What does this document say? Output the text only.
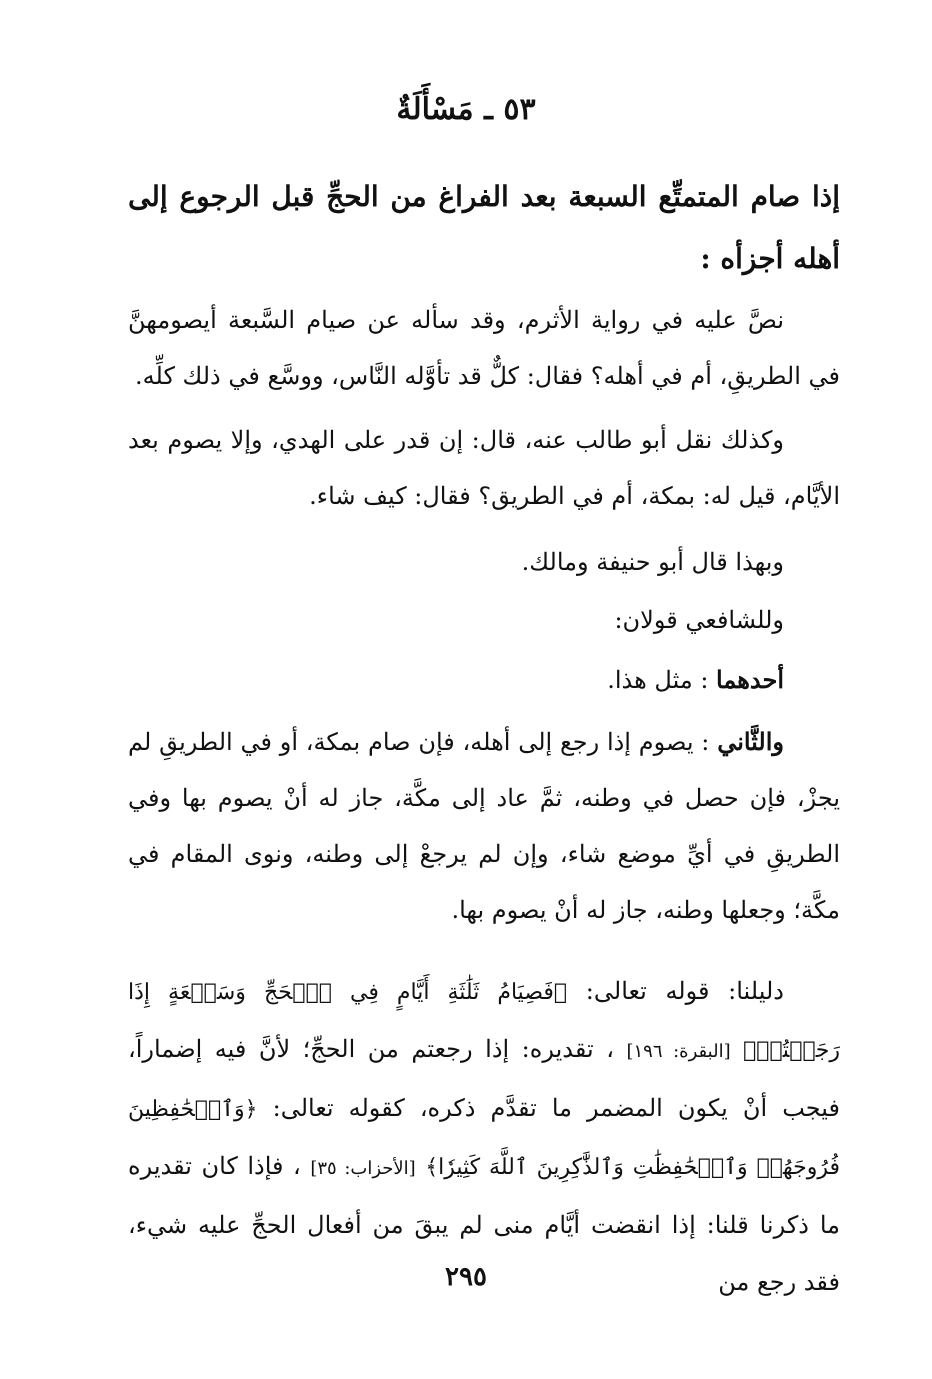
٥٣ ـ مَسْأَلَةٌ
إذا صام المتمتِّع السبعة بعد الفراغ من الحجِّ قبل الرجوع إلى أهله أجزأه :

نصَّ عليه في رواية الأثرم، وقد سأله عن صيام السَّبعة أيصومهنَّ في الطريقِ، أم في أهله؟ فقال: كلٌّ قد تأوَّله النَّاس، ووسَّع في ذلك كلِّه.

وكذلك نقل أبو طالب عنه، قال: إن قدر على الهدي، وإلا يصوم بعد الأيَّام، قيل له: بمكة، أم في الطريق؟ فقال: كيف شاء.

وبهذا قال أبو حنيفة ومالك.

وللشافعي قولان:

أحدهما : مثل هذا.

والثَّاني : يصوم إذا رجع إلى أهله، فإن صام بمكة، أو في الطريقِ لم يجزْ، فإن حصل في وطنه، ثمَّ عاد إلى مكَّة، جاز له أنْ يصوم بها وفي الطريقِ في أيِّ موضع شاء، وإن لم يرجعْ إلى وطنه، ونوى المقام في مكَّة؛ وجعلها وطنه، جاز له أنْ يصوم بها.

دليلنا: قوله تعالى: ﴿فَصِيَامُ ثَلَٰثَةِ أَيَّامٍ فِي ٱلۡحَجِّ وَسَبۡعَةٍ إِذَا رَجَعۡتُمۡ﴾ [البقرة: ١٩٦] ، تقديره: إذا رجعتم من الحجِّ؛ لأنَّ فيه إضماراً، فيجب أنْ يكون المضمر ما تقدَّم ذكره، كقوله تعالى: ﴿وَٱلۡحَٰفِظِينَ فُرُوجَهُمۡ وَٱلۡحَٰفِظَٰتِ وَٱلذَّٰكِرِينَ ٱللَّهَ كَثِيرٗا﴾ [الأحزاب: ٣٥] ، فإذا كان تقديره ما ذكرنا قلنا: إذا انقضت أيَّام منى لم يبقَ من أفعال الحجِّ عليه شيء، فقد رجع من

٢٩٥
